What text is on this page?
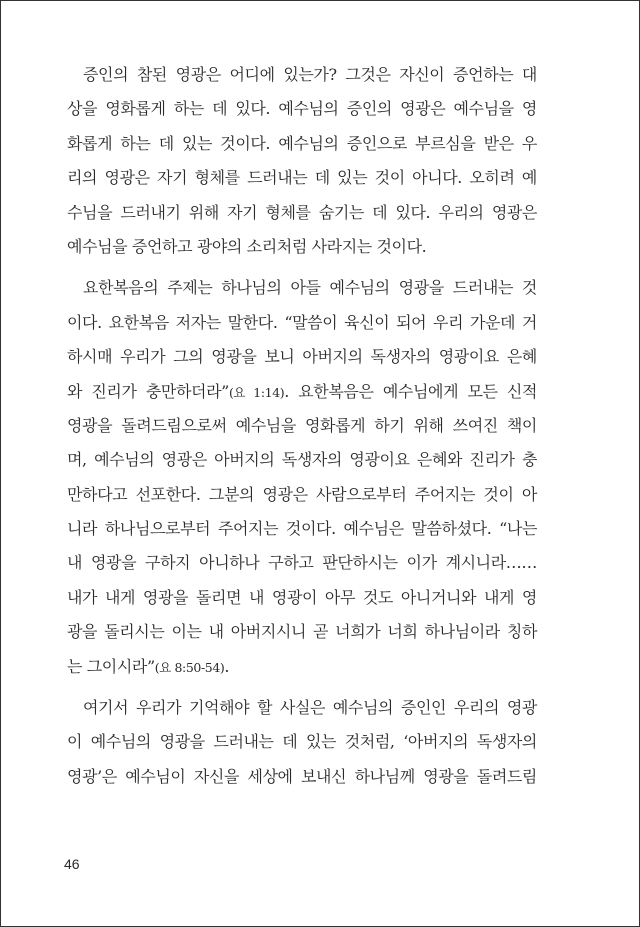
증인의 참된 영광은 어디에 있는가? 그것은 자신이 증언하는 대
상을 영화롭게 하는 데 있다. 예수님의 증인의 영광은 예수님을 영
화롭게 하는 데 있는 것이다. 예수님의 증인으로 부르심을 받은 우
리의 영광은 자기 형체를 드러내는 데 있는 것이 아니다. 오히려 예
수님을 드러내기 위해 자기 형체를 숨기는 데 있다. 우리의 영광은
예수님을 증언하고 광야의 소리처럼 사라지는 것이다.
요한복음의 주제는 하나님의 아들 예수님의 영광을 드러내는 것
이다. 요한복음 저자는 말한다. “말씀이 육신이 되어 우리 가운데 거
하시매 우리가 그의 영광을 보니 아버지의 독생자의 영광이요 은혜
와 진리가 충만하더라”(요 1:14). 요한복음은 예수님에게 모든 신적
영광을 돌려드림으로써 예수님을 영화롭게 하기 위해 쓰여진 책이
며, 예수님의 영광은 아버지의 독생자의 영광이요 은혜와 진리가 충
만하다고 선포한다. 그분의 영광은 사람으로부터 주어지는 것이 아
니라 하나님으로부터 주어지는 것이다. 예수님은 말씀하셨다. “나는
내 영광을 구하지 아니하나 구하고 판단하시는 이가 계시니라……
내가 내게 영광을 돌리면 내 영광이 아무 것도 아니거니와 내게 영
광을 돌리시는 이는 내 아버지시니 곧 너희가 너희 하나님이라 칭하
는 그이시라”(요 8:50-54).
여기서 우리가 기억해야 할 사실은 예수님의 증인인 우리의 영광
이 예수님의 영광을 드러내는 데 있는 것처럼, ‘아버지의 독생자의
영광’은 예수님이 자신을 세상에 보내신 하나님께 영광을 돌려드림
46
